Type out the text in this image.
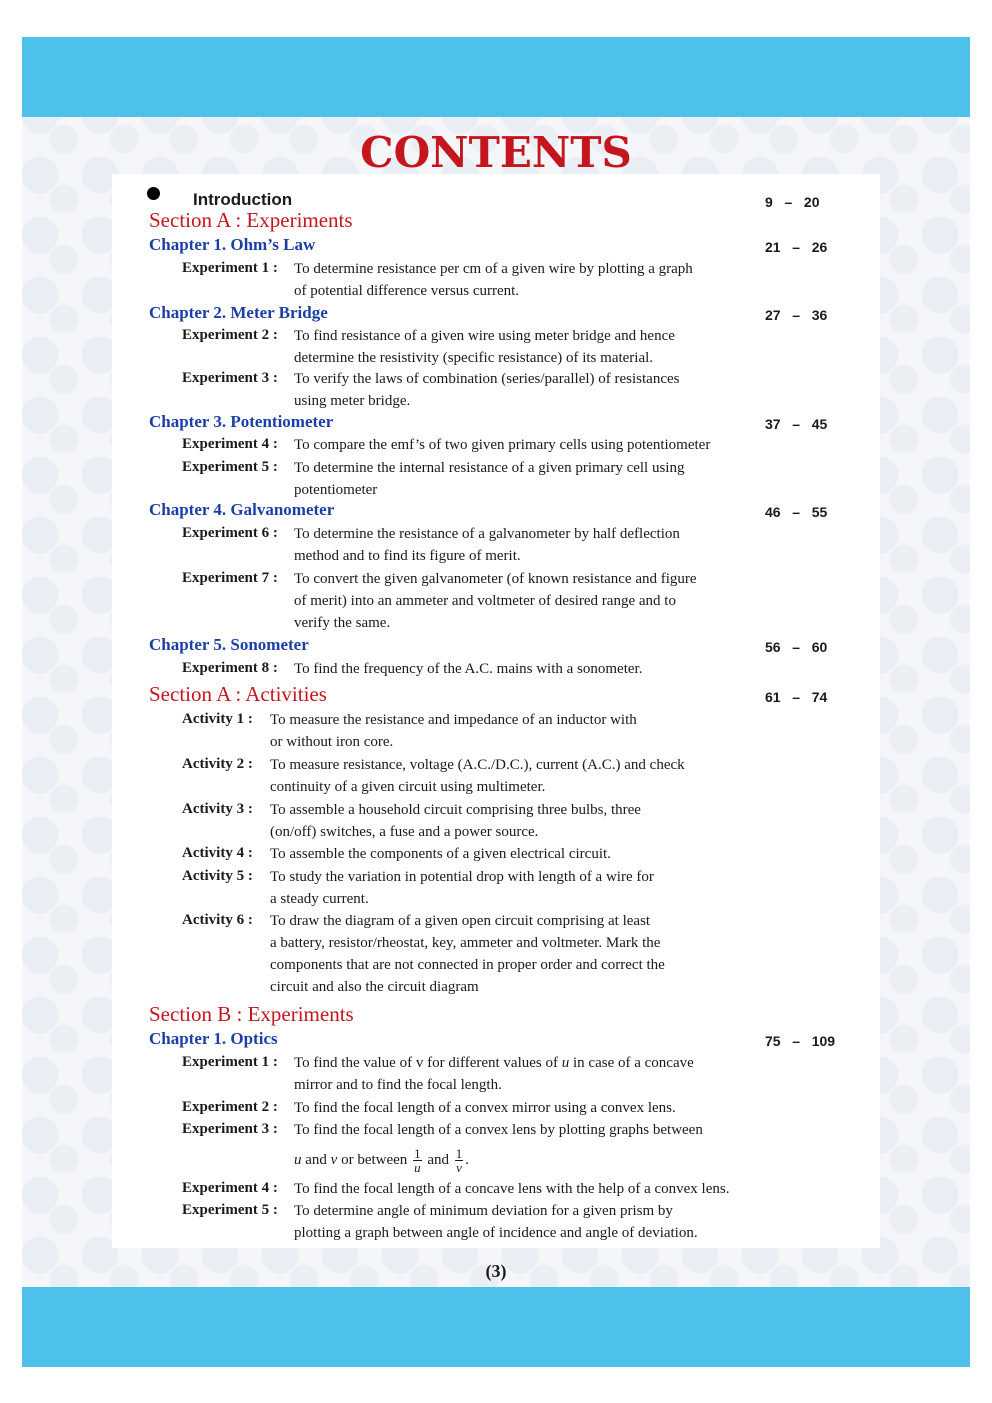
CONTENTS
Introduction	9   –   20
Section A : Experiments
Chapter 1. Ohm’s Law	21   –   26
Experiment 1 : To determine resistance per cm of a given wire by plotting a graph
of potential difference versus current.
Chapter 2. Meter Bridge	27   –   36
Experiment 2 : To find resistance of a given wire using meter bridge and hence
determine the resistivity (specific resistance) of its material.
Experiment 3 : To verify the laws of combination (series/parallel) of resistances
using meter bridge.
Chapter 3. Potentiometer	37   –   45
Experiment 4 : To compare the emf’s of two given primary cells using potentiometer
Experiment 5 : To determine the internal resistance of a given primary cell using
potentiometer
Chapter 4. Galvanometer	46   –   55
Experiment 6 : To determine the resistance of a galvanometer by half deflection
method and to find its figure of merit.
Experiment 7 : To convert the given galvanometer (of known resistance and figure
of merit) into an ammeter and voltmeter of desired range and to
verify the same.
Chapter 5. Sonometer	56   –   60
Experiment 8 : To find the frequency of the A.C. mains with a sonometer.
Section A : Activities	61   –   74
Activity 1 : To measure the resistance and impedance of an inductor with
or without iron core.
Activity 2 : To measure resistance, voltage (A.C./D.C.), current (A.C.) and check
continuity of a given circuit using multimeter.
Activity 3 : To assemble a household circuit comprising three bulbs, three
(on/off) switches, a fuse and a power source.
Activity 4 : To assemble the components of a given electrical circuit.
Activity 5 : To study the variation in potential drop with length of a wire for
a steady current.
Activity 6 : To draw the diagram of a given open circuit comprising at least
a battery, resistor/rheostat, key, ammeter and voltmeter. Mark the
components that are not connected in proper order and correct the
circuit and also the circuit diagram
Section B : Experiments
Chapter 1. Optics	75   –   109
Experiment 1 : To find the value of v for different values of u in case of a concave
mirror and to find the focal length.
Experiment 2 : To find the focal length of a convex mirror using a convex lens.
Experiment 3 : To find the focal length of a convex lens by plotting graphs between
u and v or between $\frac{1}{u}$ and $\frac{1}{v}$ .
Experiment 4 : To find the focal length of a concave lens with the help of a convex lens.
Experiment 5 : To determine angle of minimum deviation for a given prism by
plotting a graph between angle of incidence and angle of deviation.
(3)
